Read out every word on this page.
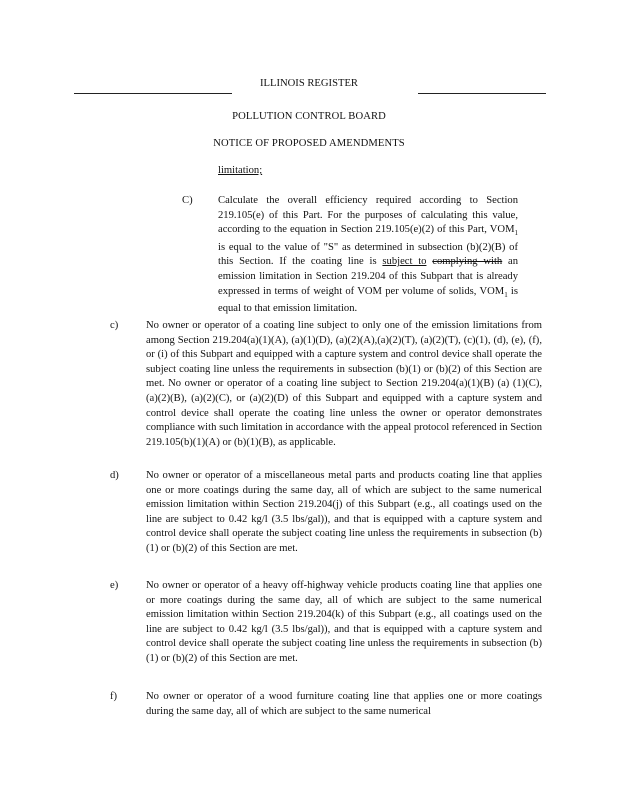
ILLINOIS REGISTER
POLLUTION CONTROL BOARD
NOTICE OF PROPOSED AMENDMENTS
limitation;
C) Calculate the overall efficiency required according to Section 219.105(e) of this Part. For the purposes of calculating this value, according to the equation in Section 219.105(e)(2) of this Part, $VOM_1$ is equal to the value of "S" as determined in subsection (b)(2)(B) of this Section. If the coating line is subject to complying with an emission limitation in Section 219.204 of this Subpart that is already expressed in terms of weight of VOM per volume of solids, $VOM_1$ is equal to that emission limitation.

c)	No owner or operator of a coating line subject to only one of the emission limitations from among Section 219.204(a)(1)(A), (a)(1)(D), (a)(2)(A),(a)(2)(T), (a)(2)(T), (c)(1), (d), (e), (f), or (i) of this Subpart and equipped with a capture system and control device shall operate the subject coating line unless the requirements in subsection (b)(1) or (b)(2) of this Section are met. No owner or operator of a coating line subject to Section 219.204(a)(1)(B) (a) (1)(C), (a)(2)(B), (a)(2)(C), or (a)(2)(D) of this Subpart and equipped with a capture system and control device shall operate the coating line unless the owner or operator demonstrates compliance with such limitation in accordance with the appeal protocol referenced in Section 219.105(b)(1)(A) or (b)(1)(B), as applicable.
d)	No owner or operator of a miscellaneous metal parts and products coating line that applies one or more coatings during the same day, all of which are subject to the same numerical emission limitation within Section 219.204(j) of this Subpart (e.g., all coatings used on the line are subject to 0.42 kg/l (3.5 lbs/gal)), and that is equipped with a capture system and control device shall operate the subject coating line unless the requirements in subsection (b)(1) or (b)(2) of this Section are met.
e)	No owner or operator of a heavy off-highway vehicle products coating line that applies one or more coatings during the same day, all of which are subject to the same numerical emission limitation within Section 219.204(k) of this Subpart (e.g., all coatings used on the line are subject to 0.42 kg/l (3.5 lbs/gal)), and that is equipped with a capture system and control device shall operate the subject coating line unless the requirements in subsection (b)(1) or (b)(2) of this Section are met.
f)	No owner or operator of a wood furniture coating line that applies one or more coatings during the same day, all of which are subject to the same numerical
